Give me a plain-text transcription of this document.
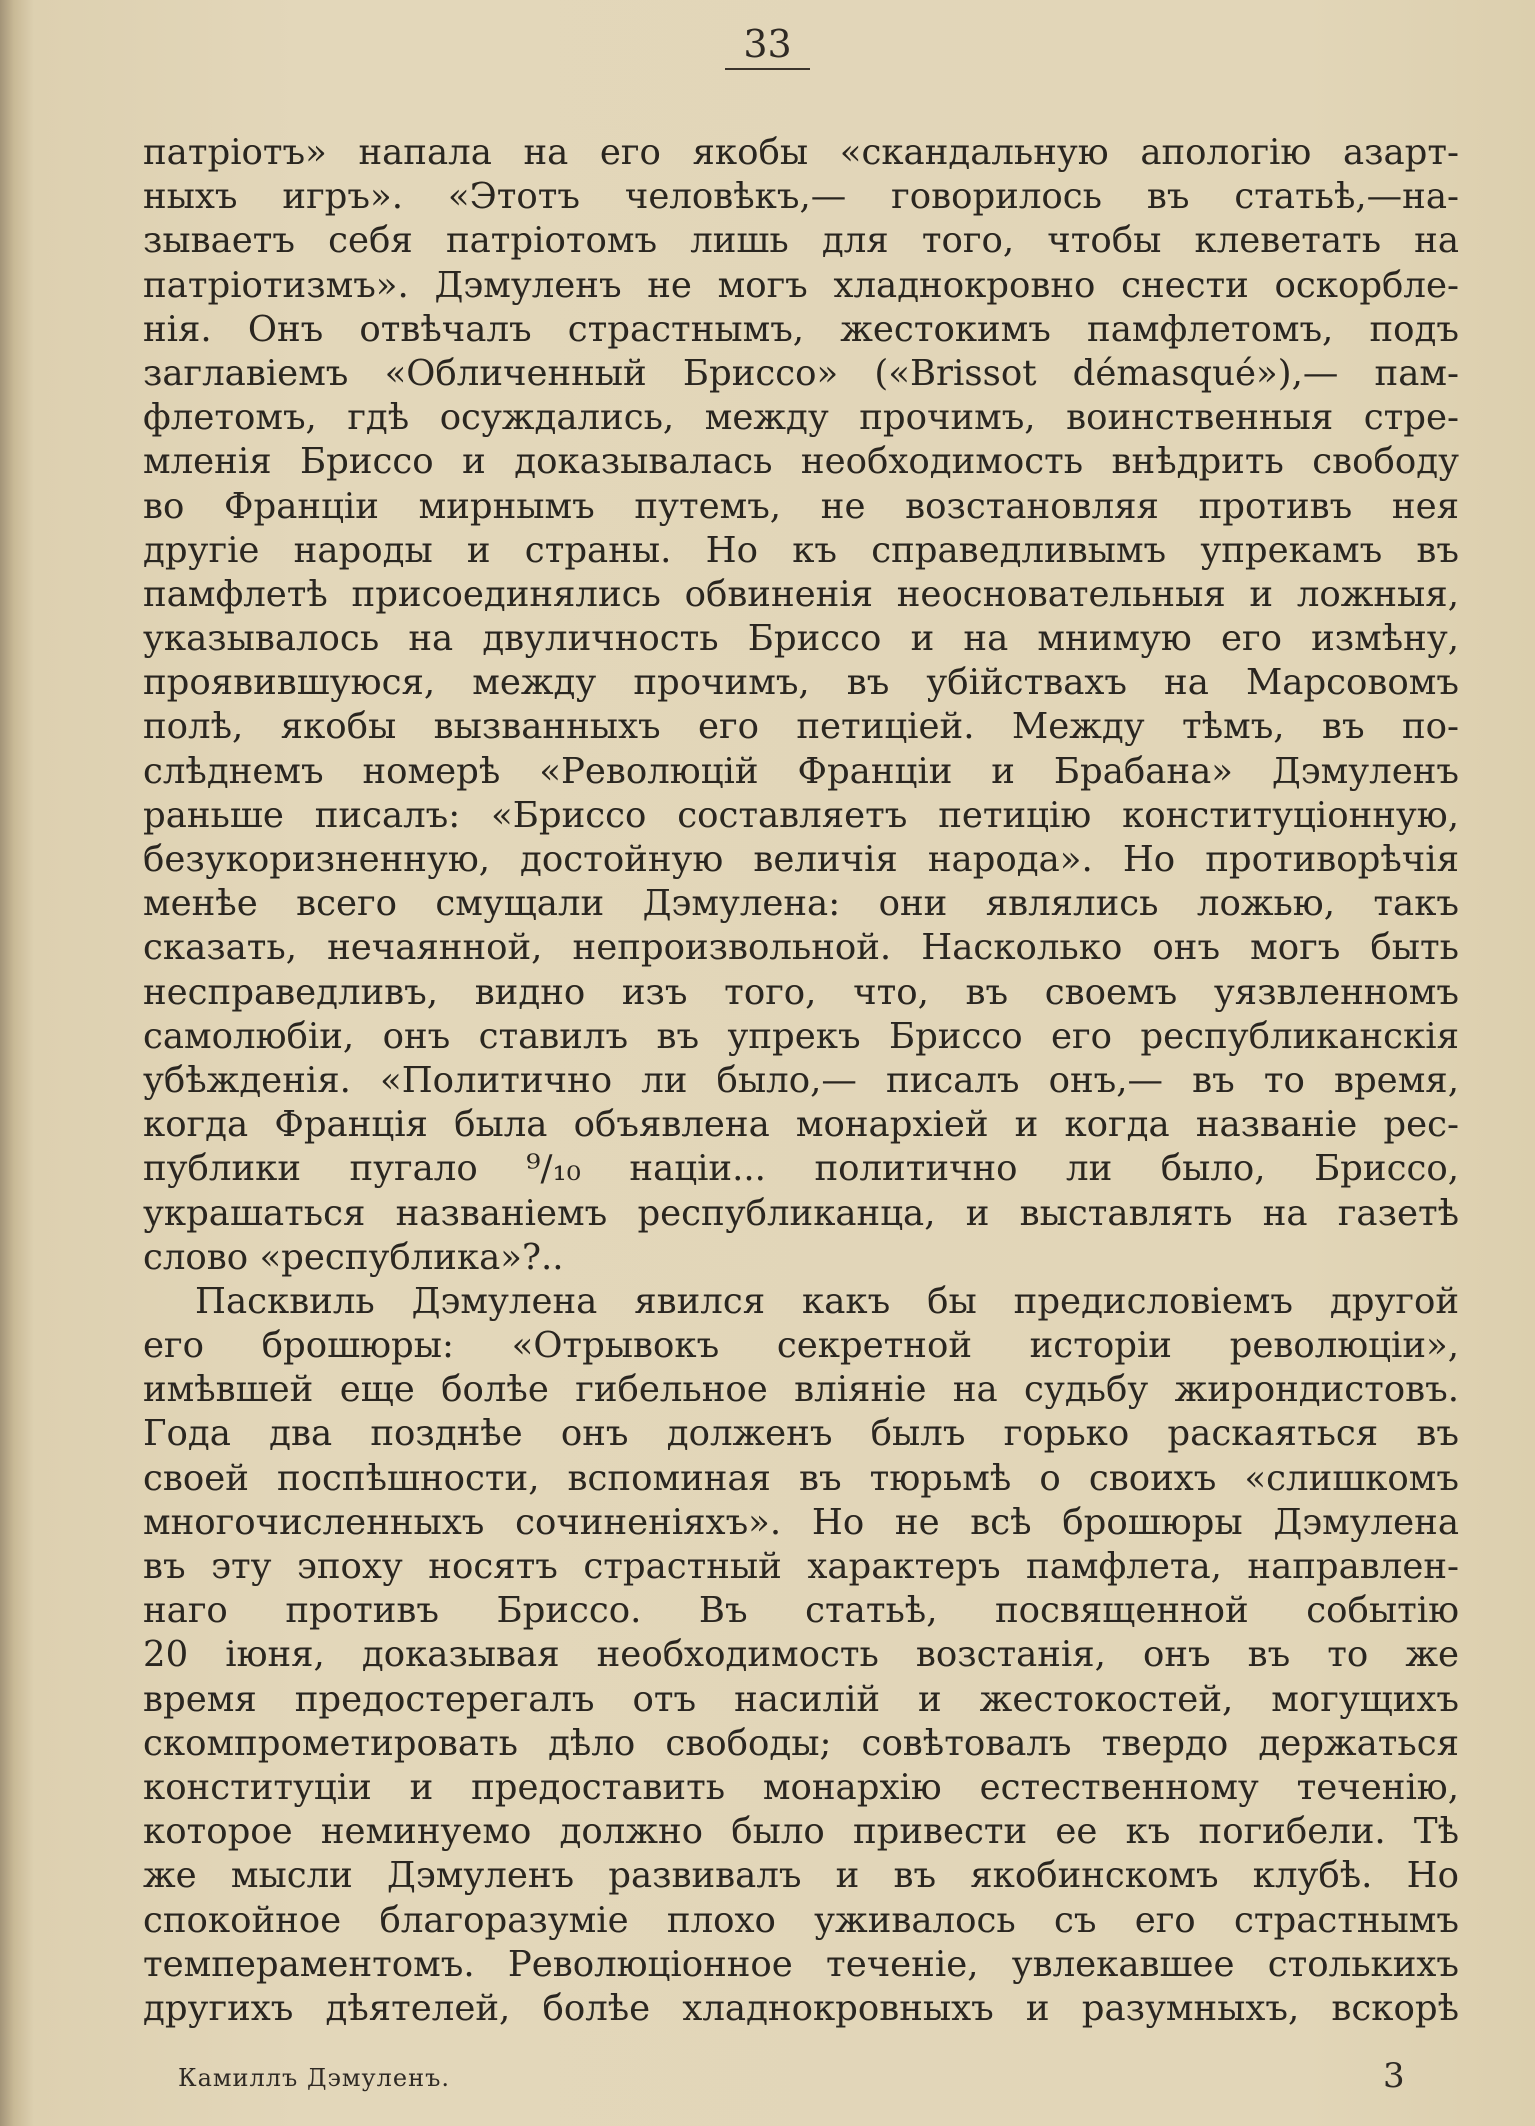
33
патріотъ» напала на его якобы «скандальную апологію азарт-
ныхъ игръ». «Этотъ человѣкъ,— говорилось въ статьѣ,—на-
зываетъ себя патріотомъ лишь для того, чтобы клеветать на
патріотизмъ». Дэмуленъ не могъ хладнокровно снести оскорбле-
нія. Онъ отвѣчалъ страстнымъ, жестокимъ памфлетомъ, подъ
заглавіемъ «Обличенный Бриссо» («Brissot démasqué»),— пам-
флетомъ, гдѣ осуждались, между прочимъ, воинственныя стре-
мленія Бриссо и доказывалась необходимость внѣдрить свободу
во Франціи мирнымъ путемъ, не возстановляя противъ нея
другіе народы и страны. Но къ справедливымъ упрекамъ въ
памфлетѣ присоединялись обвиненія неосновательныя и ложныя,
указывалось на двуличность Бриссо и на мнимую его измѣну,
проявившуюся, между прочимъ, въ убійствахъ на Марсовомъ
полѣ, якобы вызванныхъ его петиціей. Между тѣмъ, въ по-
слѣднемъ номерѣ «Революцій Франціи и Брабана» Дэмуленъ
раньше писалъ: «Бриссо составляетъ петицію конституціонную,
безукоризненную, достойную величія народа». Но противорѣчія
менѣе всего смущали Дэмулена: они являлись ложью, такъ
сказать, нечаянной, непроизвольной. Насколько онъ могъ быть
несправедливъ, видно изъ того, что, въ своемъ уязвленномъ
самолюбіи, онъ ставилъ въ упрекъ Бриссо его республиканскія
убѣжденія. «Политично ли было,— писалъ онъ,— въ то время,
когда Франція была объявлена монархіей и когда названіе рес-
публики пугало ⁹/₁₀ націи... политично ли было, Бриссо,
украшаться названіемъ республиканца, и выставлять на газетѣ
слово «республика»?..
Пасквиль Дэмулена явился какъ бы предисловіемъ другой
его брошюры: «Отрывокъ секретной исторіи революціи»,
имѣвшей еще болѣе гибельное вліяніе на судьбу жирондистовъ.
Года два позднѣе онъ долженъ былъ горько раскаяться въ
своей поспѣшности, вспоминая въ тюрьмѣ о своихъ «слишкомъ
многочисленныхъ сочиненіяхъ». Но не всѣ брошюры Дэмулена
въ эту эпоху носятъ страстный характеръ памфлета, направлен-
наго противъ Бриссо. Въ статьѣ, посвященной событію
20 іюня, доказывая необходимость возстанія, онъ въ то же
время предостерегалъ отъ насилій и жестокостей, могущихъ
скомпрометировать дѣло свободы; совѣтовалъ твердо держаться
конституціи и предоставить монархію естественному теченію,
которое неминуемо должно было привести ее къ погибели. Тѣ
же мысли Дэмуленъ развивалъ и въ якобинскомъ клубѣ. Но
спокойное благоразуміе плохо уживалось съ его страстнымъ
темпераментомъ. Революціонное теченіе, увлекавшее столькихъ
другихъ дѣятелей, болѣе хладнокровныхъ и разумныхъ, вскорѣ
Камиллъ Дэмуленъ.	3
